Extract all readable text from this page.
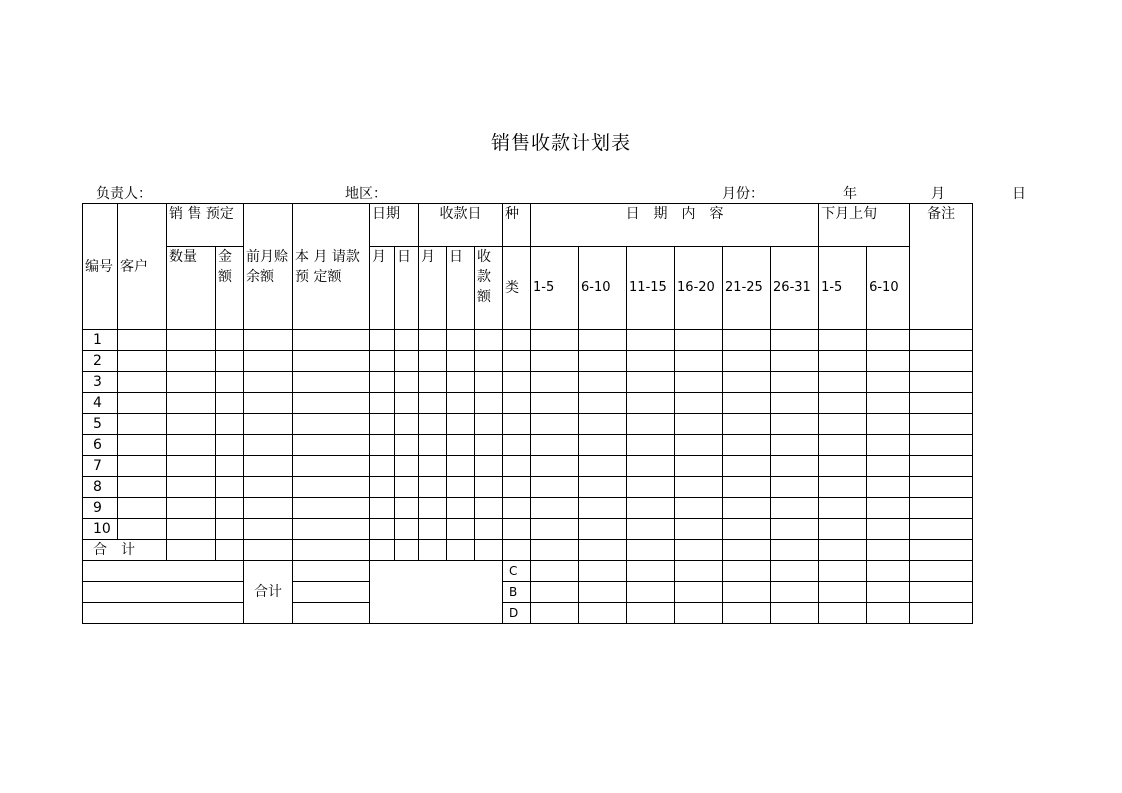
销售收款计划表
负责人：	地区：	月份：	年	月	日
编号	客户	销 售 预定		前月赊余额	本 月 请款预 定额	日期		收款日			种	日　期　内　容						下月上旬		备注
		数量	金额			月	日	月	日	收款额	类	1-5	6-10	11-15	16-20	21-25	26-31	1-5	6-10	
1																				
2																				
3																				
4																				
5																				
6																				
7																				
8																				
9																				
10																				
合　计																				
				合计							C									
											B									
											D									
